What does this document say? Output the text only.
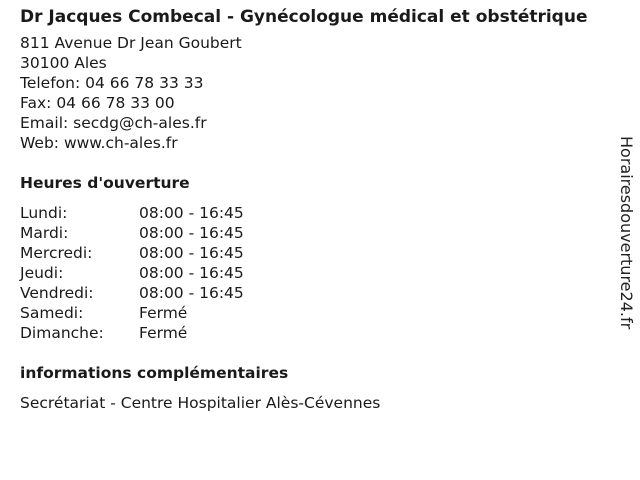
Dr Jacques Combecal - Gynécologue médical et obstétrique
811 Avenue Dr Jean Goubert
30100 Ales
Telefon: 04 66 78 33 33
Fax: 04 66 78 33 00
Email: secdg@ch-ales.fr
Web: www.ch-ales.fr
Heures d'ouverture
Lundi:	08:00 - 16:45
Mardi:	08:00 - 16:45
Mercredi:	08:00 - 16:45
Jeudi:	08:00 - 16:45
Vendredi:	08:00 - 16:45
Samedi:	Fermé
Dimanche:	Fermé
informations complémentaires
Secrétariat - Centre Hospitalier Alès-Cévennes
Horairesdouverture24.fr
